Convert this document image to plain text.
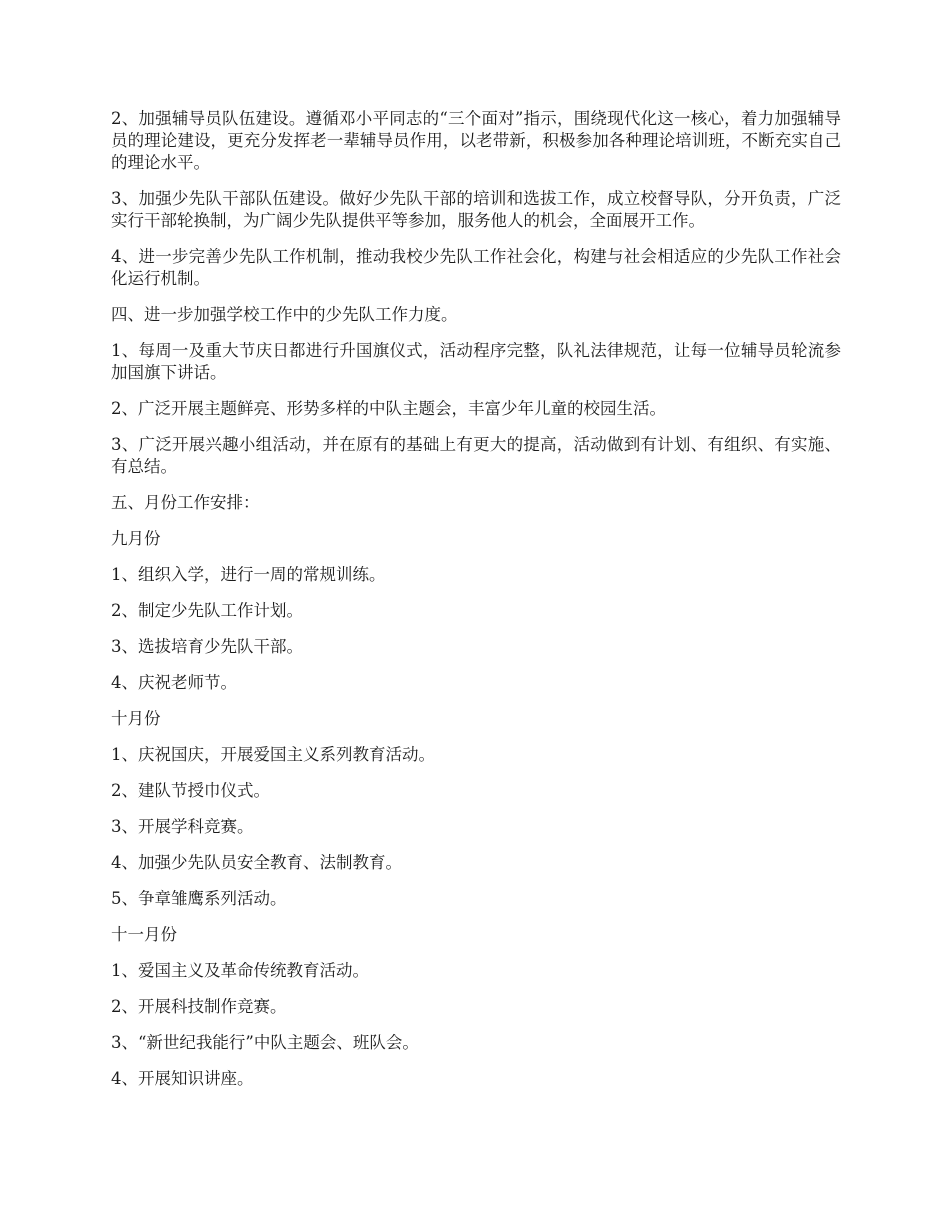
2、加强辅导员队伍建设。遵循邓小平同志的“三个面对”指示，围绕现代化这一核心，着力加强辅导员的理论建设，更充分发挥老一辈辅导员作用，以老带新，积极参加各种理论培训班，不断充实自己的理论水平。

3、加强少先队干部队伍建设。做好少先队干部的培训和选拔工作，成立校督导队，分开负责，广泛实行干部轮换制，为广阔少先队提供平等参加，服务他人的机会，全面展开工作。

4、进一步完善少先队工作机制，推动我校少先队工作社会化，构建与社会相适应的少先队工作社会化运行机制。

四、进一步加强学校工作中的少先队工作力度。

1、每周一及重大节庆日都进行升国旗仪式，活动程序完整，队礼法律规范，让每一位辅导员轮流参加国旗下讲话。

2、广泛开展主题鲜亮、形势多样的中队主题会，丰富少年儿童的校园生活。

3、广泛开展兴趣小组活动，并在原有的基础上有更大的提高，活动做到有计划、有组织、有实施、有总结。

五、月份工作安排：

九月份

1、组织入学，进行一周的常规训练。

2、制定少先队工作计划。

3、选拔培育少先队干部。

4、庆祝老师节。

十月份

1、庆祝国庆，开展爱国主义系列教育活动。

2、建队节授巾仪式。

3、开展学科竞赛。

4、加强少先队员安全教育、法制教育。

5、争章雏鹰系列活动。

十一月份

1、爱国主义及革命传统教育活动。

2、开展科技制作竞赛。

3、“新世纪我能行”中队主题会、班队会。

4、开展知识讲座。
